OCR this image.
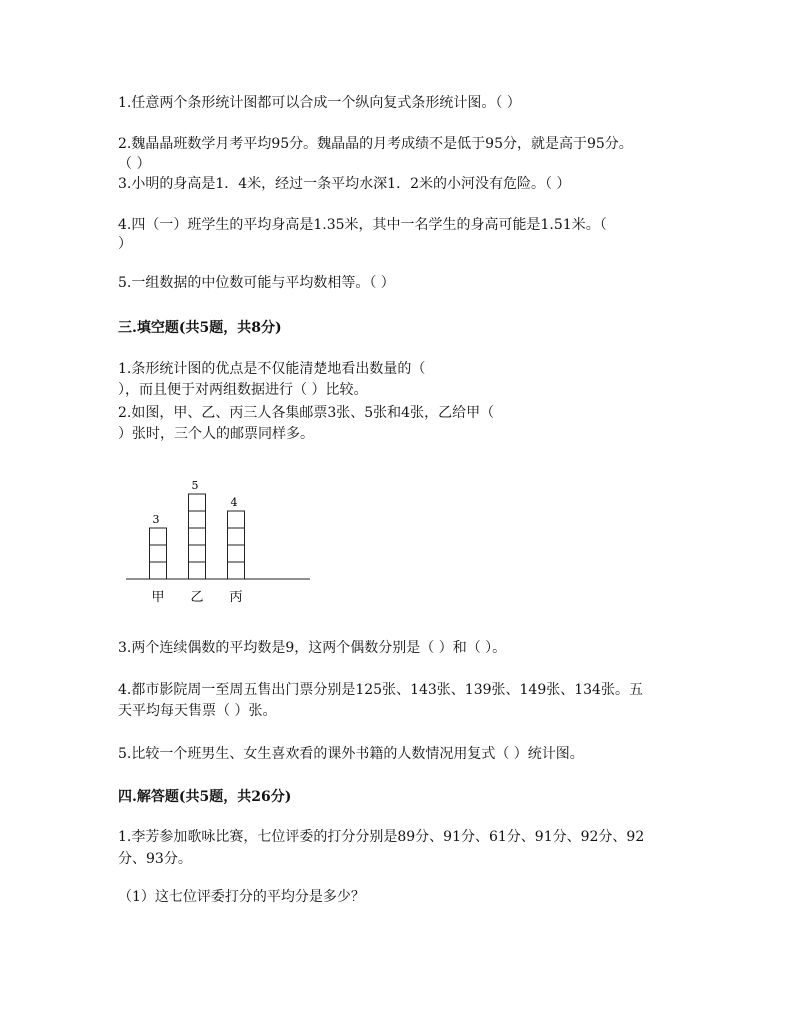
1.任意两个条形统计图都可以合成一个纵向复式条形统计图。（ ）
2.魏晶晶班数学月考平均95分。魏晶晶的月考成绩不是低于95分，就是高于95分。
（ ）
3.小明的身高是1．4米，经过一条平均水深1．2米的小河没有危险。（ ）
4.四（一）班学生的平均身高是1.35米，其中一名学生的身高可能是1.51米。（
）
5.一组数据的中位数可能与平均数相等。（ ）
三.填空题(共5题，共8分)
1.条形统计图的优点是不仅能清楚地看出数量的（
），而且便于对两组数据进行（ ）比较。
2.如图，甲、乙、丙三人各集邮票3张、5张和4张，乙给甲（
）张时，三个人的邮票同样多。
3
甲
5
乙
4
丙
3.两个连续偶数的平均数是9，这两个偶数分别是（ ）和（ ）。
4.都市影院周一至周五售出门票分别是125张、143张、139张、149张、134张。五
天平均每天售票（ ）张。
5.比较一个班男生、女生喜欢看的课外书籍的人数情况用复式（ ）统计图。
四.解答题(共5题，共26分)
1.李芳参加歌咏比赛，七位评委的打分分别是89分、91分、61分、91分、92分、92
分、93分。
（1）这七位评委打分的平均分是多少？
